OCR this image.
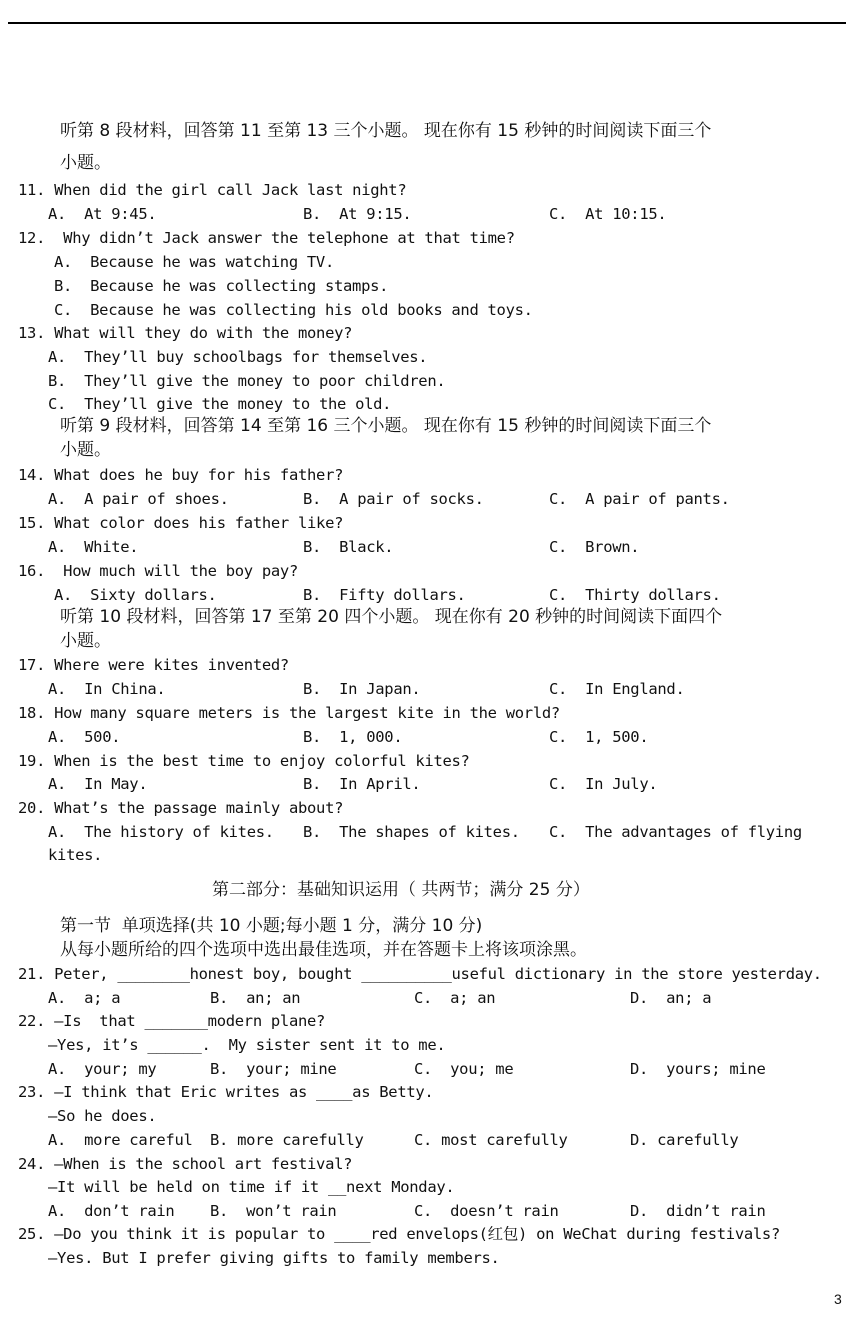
听第 8 段材料，回答第 11 至第 13 三个小题。 现在你有 15 秒钟的时间阅读下面三个
小题。
11. When did the girl call Jack last night?
A.  At 9:45.	B.  At 9:15.	C.  At 10:15.
12.  Why didn’t Jack answer the telephone at that time?
A.  Because he was watching TV.
B.  Because he was collecting stamps.
C.  Because he was collecting his old books and toys.
13. What will they do with the money?
A.  They’ll buy schoolbags for themselves.
B.  They’ll give the money to poor children.
C.  They’ll give the money to the old.
听第 9 段材料，回答第 14 至第 16 三个小题。 现在你有 15 秒钟的时间阅读下面三个
小题。
14. What does he buy for his father?
A.  A pair of shoes.	B.  A pair of socks.	C.  A pair of pants.
15. What color does his father like?
A.  White.	B.  Black.	C.  Brown.
16.  How much will the boy pay?
A.  Sixty dollars.	B.  Fifty dollars.	C.  Thirty dollars.
听第 10 段材料，回答第 17 至第 20 四个小题。 现在你有 20 秒钟的时间阅读下面四个
小题。
17. Where were kites invented?
A.  In China.	B.  In Japan.	C.  In England.
18. How many square meters is the largest kite in the world?
A.  500.	B.  1, 000.	C.  1, 500.
19. When is the best time to enjoy colorful kites?
A.  In May.	B.  In April.	C.  In July.
20. What’s the passage mainly about?
A.  The history of kites. B.  The shapes of kites. C.  The advantages of flying
kites.
第二部分：基础知识运用（ 共两节；满分 25 分）
第一节  单项选择(共 10 小题;每小题 1 分，满分 10 分)
从每小题所给的四个选项中选出最佳选项，并在答题卡上将该项涂黑。
21. Peter, ________honest boy, bought __________useful dictionary in the store yesterday.
A.  a; a	B.  an; an	C.  a; an	D.  an; a
22. —Is  that _______modern plane?
—Yes, it’s ______.  My sister sent it to me.
A.  your; my	B.  your; mine	C.  you; me	D.  yours; mine
23. —I think that Eric writes as ____as Betty.
—So he does.
A.  more careful B. more carefully	C. most carefully	D. carefully
24. —When is the school art festival?
—It will be held on time if it __next Monday.
A.  don’t rain B.  won’t rain	C.  doesn’t rain	D.  didn’t rain
25. —Do you think it is popular to ____red envelops(红包) on WeChat during festivals?
—Yes. But I prefer giving gifts to family members.
3
